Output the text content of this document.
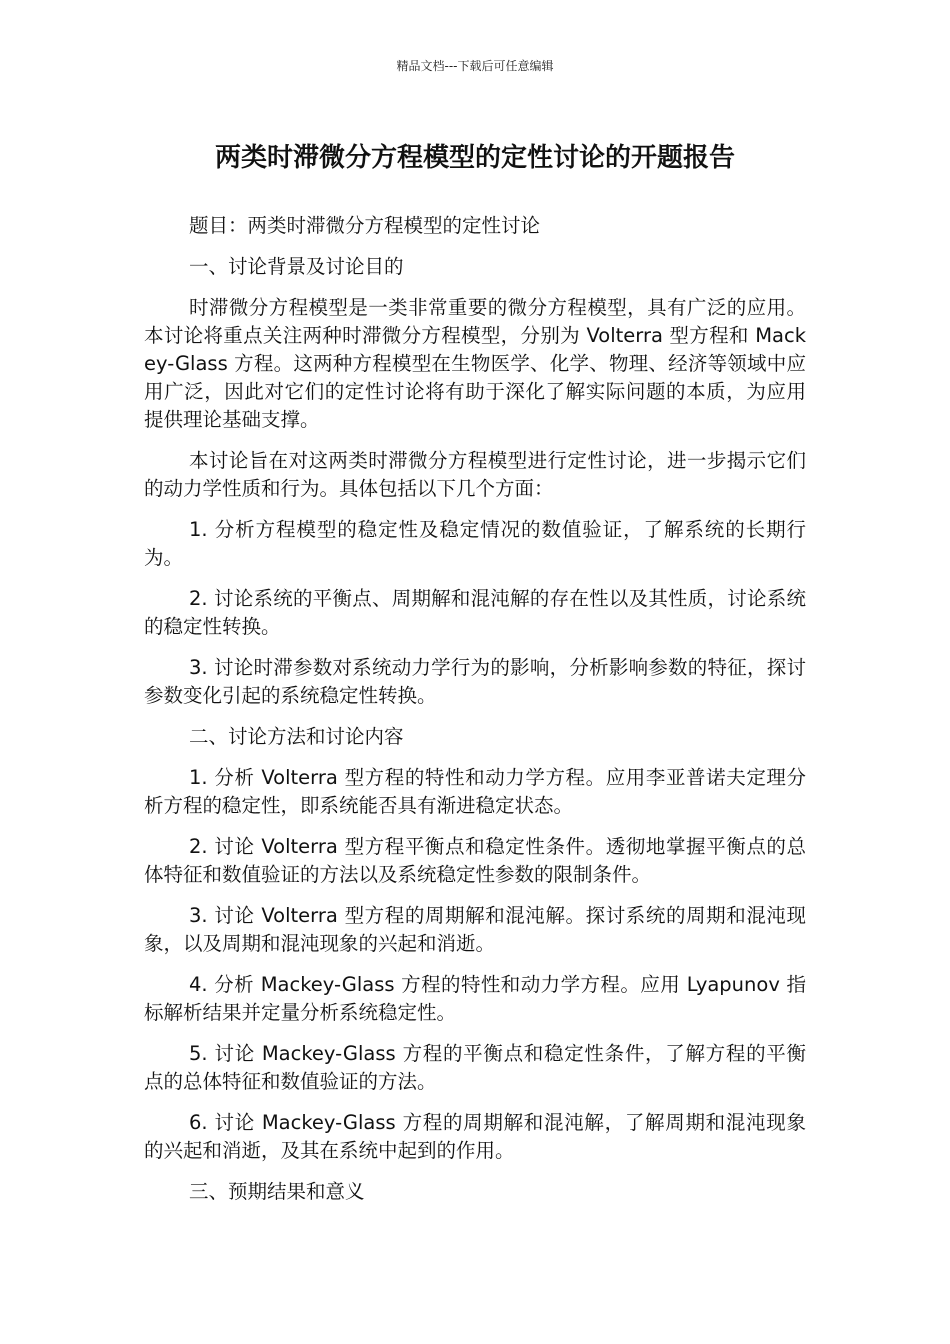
精品文档---下载后可任意编辑
两类时滞微分方程模型的定性讨论的开题报告

题目：两类时滞微分方程模型的定性讨论

一、讨论背景及讨论目的

时滞微分方程模型是一类非常重要的微分方程模型，具有广泛的应用。本讨论将重点关注两种时滞微分方程模型，分别为 Volterra 型方程和 Mackey-Glass 方程。这两种方程模型在生物医学、化学、物理、经济等领域中应用广泛，因此对它们的定性讨论将有助于深化了解实际问题的本质，为应用提供理论基础支撑。

本讨论旨在对这两类时滞微分方程模型进行定性讨论，进一步揭示它们的动力学性质和行为。具体包括以下几个方面：

1. 分析方程模型的稳定性及稳定情况的数值验证，了解系统的长期行为。

2. 讨论系统的平衡点、周期解和混沌解的存在性以及其性质，讨论系统的稳定性转换。

3. 讨论时滞参数对系统动力学行为的影响，分析影响参数的特征，探讨参数变化引起的系统稳定性转换。

二、讨论方法和讨论内容

1. 分析 Volterra 型方程的特性和动力学方程。应用李亚普诺夫定理分析方程的稳定性，即系统能否具有渐进稳定状态。

2. 讨论 Volterra 型方程平衡点和稳定性条件。透彻地掌握平衡点的总体特征和数值验证的方法以及系统稳定性参数的限制条件。

3. 讨论 Volterra 型方程的周期解和混沌解。探讨系统的周期和混沌现象，以及周期和混沌现象的兴起和消逝。

4. 分析 Mackey-Glass 方程的特性和动力学方程。应用 Lyapunov 指标解析结果并定量分析系统稳定性。

5. 讨论 Mackey-Glass 方程的平衡点和稳定性条件，了解方程的平衡点的总体特征和数值验证的方法。

6. 讨论 Mackey-Glass 方程的周期解和混沌解，了解周期和混沌现象的兴起和消逝，及其在系统中起到的作用。

三、预期结果和意义
